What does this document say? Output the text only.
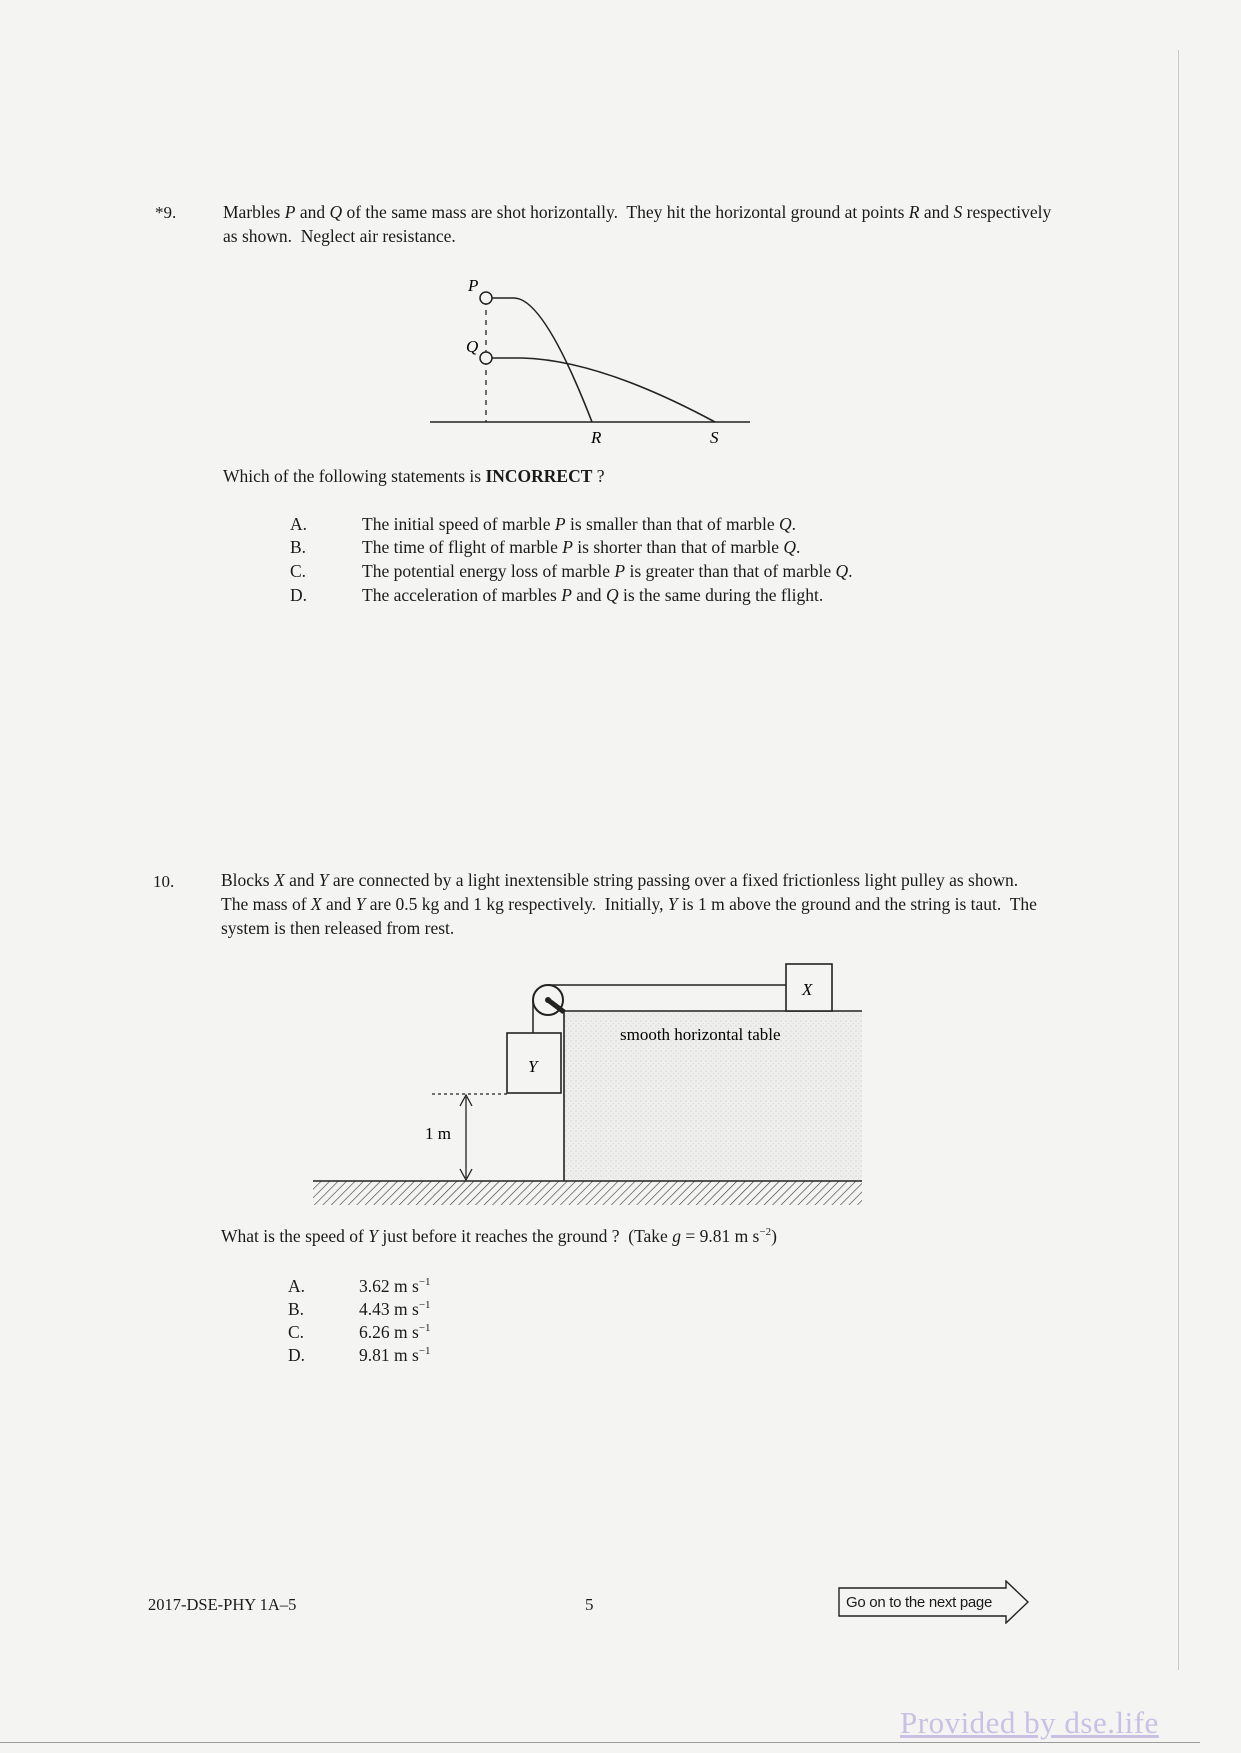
*9.	Marbles P and Q of the same mass are shot horizontally.  They hit the horizontal ground at points R and S respectively as shown.  Neglect air resistance.

P
Q
R	S
X
Y
smooth horizontal table
1 m

Which of the following statements is INCORRECT ?

A.	The initial speed of marble P is smaller than that of marble Q.
B.	The time of flight of marble P is shorter than that of marble Q.
C.	The potential energy loss of marble P is greater than that of marble Q.
D.	The acceleration of marbles P and Q is the same during the flight.
10.	Blocks X and Y are connected by a light inextensible string passing over a fixed frictionless light pulley as shown.  The mass of X and Y are 0.5 kg and 1 kg respectively.  Initially, Y is 1 m above the ground and the string is taut.  The system is then released from rest.

What is the speed of Y just before it reaches the ground ?  (Take g = 9.81 m $s^{-2}$)

A.	3.62 m $s^{-1}$
B.	4.43 m $s^{-1}$
C.	6.26 m $s^{-1}$
D.	9.81 m $s^{-1}$
2017-DSE-PHY 1A–5	5	Go on to the next page
Provided by dse.life
